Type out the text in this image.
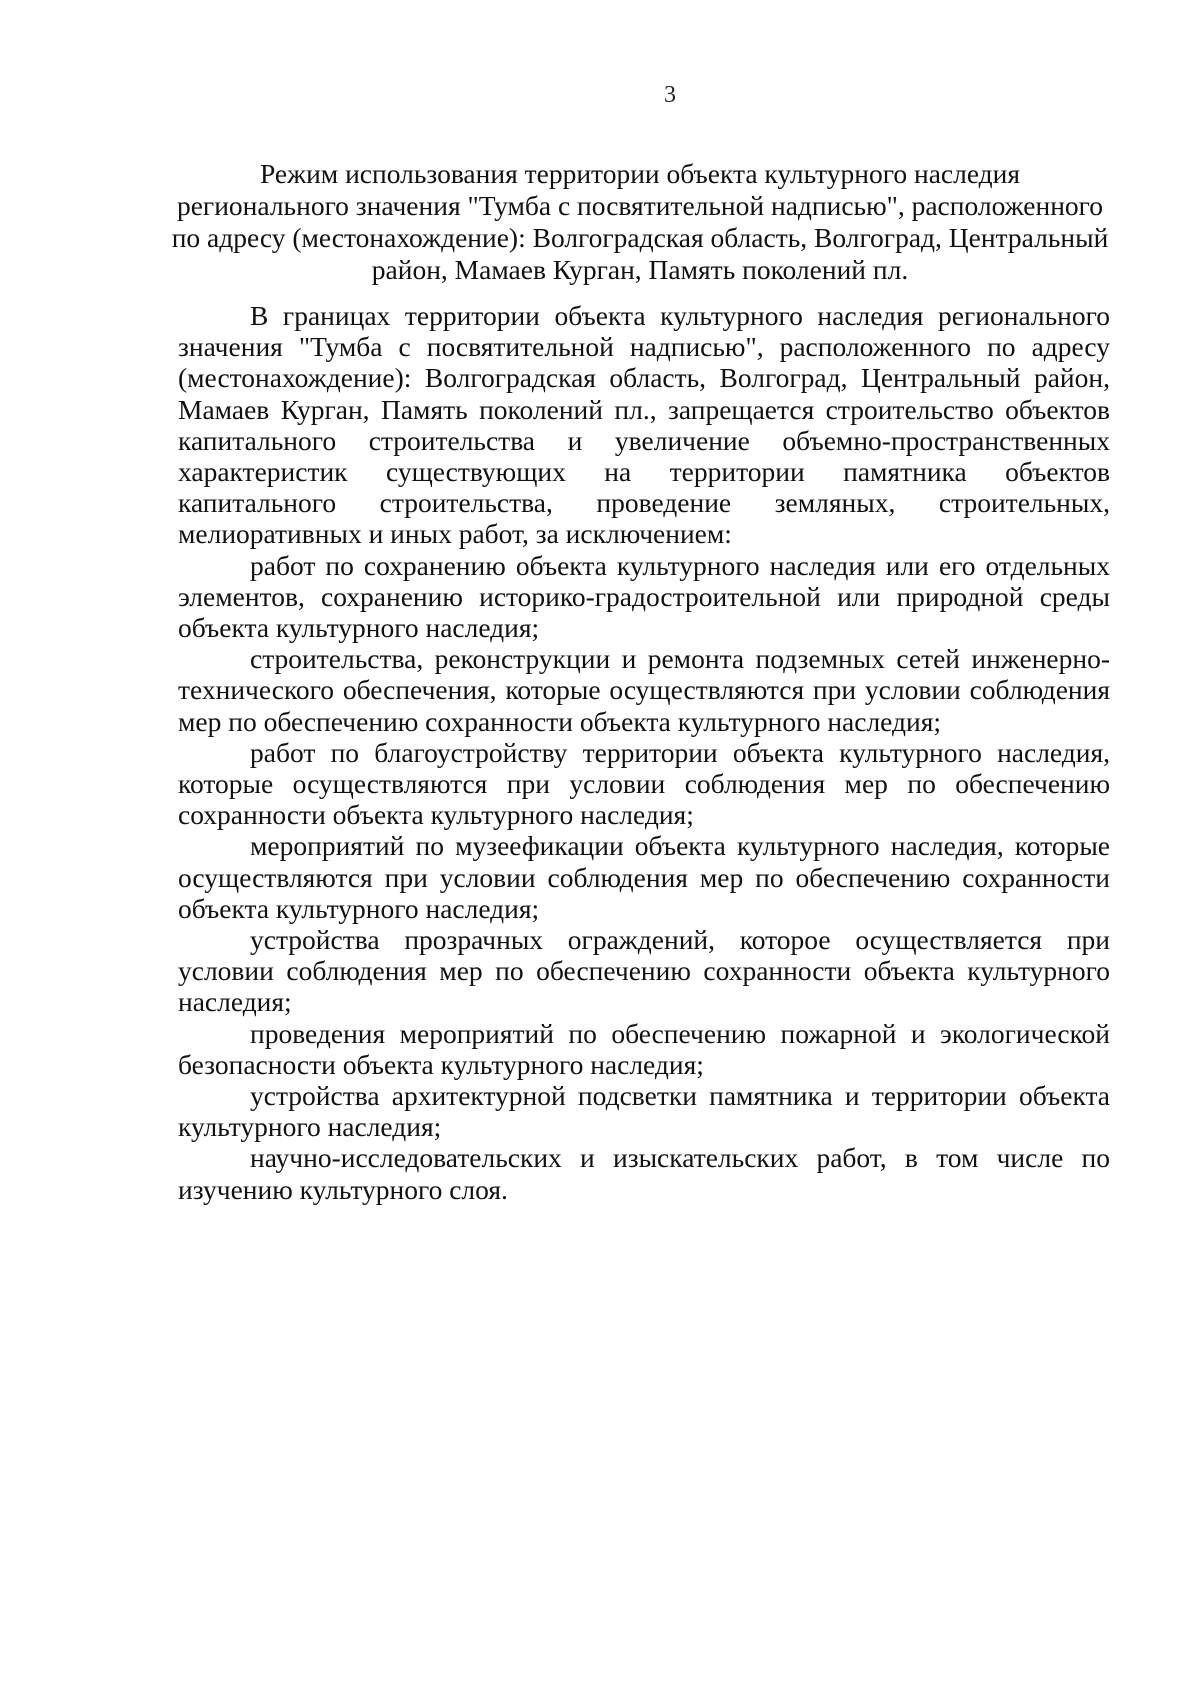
3
Режим использования территории объекта культурного наследия
регионального значения "Тумба с посвятительной надписью", расположенного
по адресу (местонахождение): Волгоградская область, Волгоград, Центральный
район, Мамаев Курган, Память поколений пл.

В границах территории объекта культурного наследия регионального значения "Тумба с посвятительной надписью", расположенного по адресу (местонахождение): Волгоградская область, Волгоград, Центральный район, Мамаев Курган, Память поколений пл., запрещается строительство объектов капитального строительства и увеличение объемно-пространственных характеристик существующих на территории памятника объектов капитального строительства, проведение земляных, строительных, мелиоративных и иных работ, за исключением:

работ по сохранению объекта культурного наследия или его отдельных элементов, сохранению историко-градостроительной или природной среды объекта культурного наследия;

строительства, реконструкции и ремонта подземных сетей инженерно-технического обеспечения, которые осуществляются при условии соблюдения мер по обеспечению сохранности объекта культурного наследия;

работ по благоустройству территории объекта культурного наследия, которые осуществляются при условии соблюдения мер по обеспечению сохранности объекта культурного наследия;

мероприятий по музеефикации объекта культурного наследия, которые осуществляются при условии соблюдения мер по обеспечению сохранности объекта культурного наследия;

устройства прозрачных ограждений, которое осуществляется при условии соблюдения мер по обеспечению сохранности объекта культурного наследия;

проведения мероприятий по обеспечению пожарной и экологической безопасности объекта культурного наследия;

устройства архитектурной подсветки памятника и территории объекта культурного наследия;

научно-исследовательских и изыскательских работ, в том числе по изучению культурного слоя.
